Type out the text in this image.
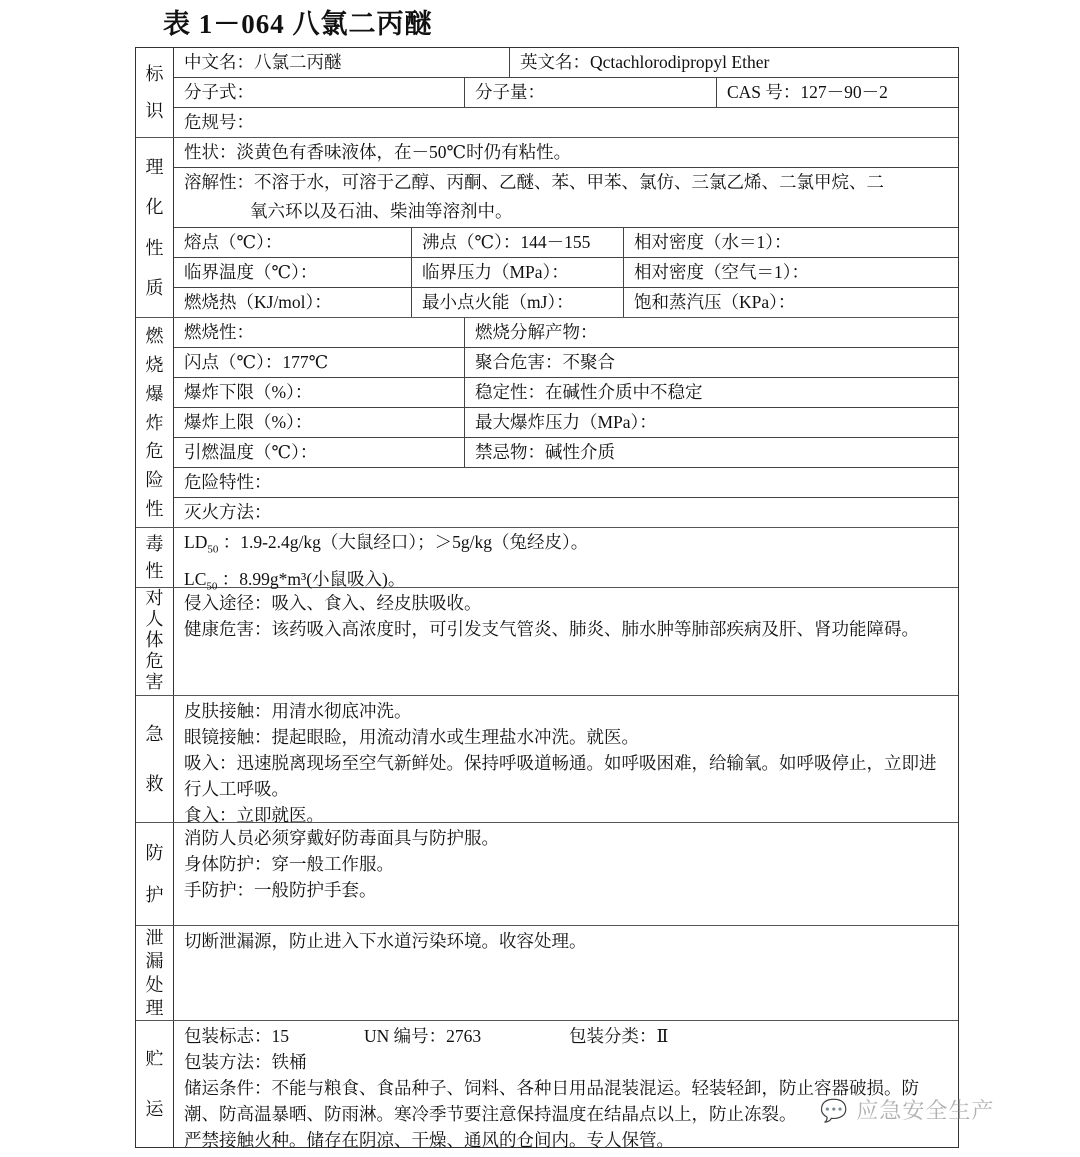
表 1－064 八氯二丙醚
标
识
中文名：八氯二丙醚	英文名：Qctachlorodipropyl Ether
分子式：	分子量：	CAS 号：127－90－2
危规号：
理
化
性
质
性状：淡黄色有香味液体，在－50℃时仍有粘性。
溶解性：不溶于水，可溶于乙醇、丙酮、乙醚、苯、甲苯、氯仿、三氯乙烯、二氯甲烷、二
氧六环以及石油、柴油等溶剂中。
熔点（℃）：	沸点（℃）：144－155	相对密度（水＝1）：
临界温度（℃）：	临界压力（MPa）：	相对密度（空气＝1）：
燃烧热（KJ/mol）：	最小点火能（mJ）：	饱和蒸汽压（KPa）：
燃
烧
爆
炸
危
险
性
燃烧性：	燃烧分解产物：
闪点（℃）：177℃	聚合危害：不聚合
爆炸下限（%）：	稳定性：在碱性介质中不稳定
爆炸上限（%）：	最大爆炸压力（MPa）：
引燃温度（℃）：	禁忌物：碱性介质
危险特性：
灭火方法：
毒
性
$LD_{50}$ ：1.9-2.4g/kg（大鼠经口）；＞5g/kg（兔经皮）。
$LC_{50}$ ：8.99g*m³(小鼠吸入)。
对
人
体
危
害
侵入途径：吸入、食入、经皮肤吸收。
健康危害：该药吸入高浓度时，可引发支气管炎、肺炎、肺水肿等肺部疾病及肝、肾功能障碍。
急
救
皮肤接触：用清水彻底冲洗。
眼镜接触：提起眼睑，用流动清水或生理盐水冲洗。就医。
吸入：迅速脱离现场至空气新鲜处。保持呼吸道畅通。如呼吸困难，给输氧。如呼吸停止，立即进行人工呼吸。
食入：立即就医。
防
护
消防人员必须穿戴好防毒面具与防护服。
身体防护：穿一般工作服。
手防护：一般防护手套。
泄
漏
处
理
切断泄漏源，防止进入下水道污染环境。收容处理。
贮
运
包装标志：15	UN 编号：2763	包装分类：Ⅱ
包装方法：铁桶
储运条件：不能与粮食、食品种子、饲料、各种日用品混装混运。轻装轻卸，防止容器破损。防潮、防高温暴晒、防雨淋。寒冷季节要注意保持温度在结晶点以上，防止冻裂。
严禁接触火种。储存在阴凉、干燥、通风的仓间内。专人保管。
💬 应急安全生产
